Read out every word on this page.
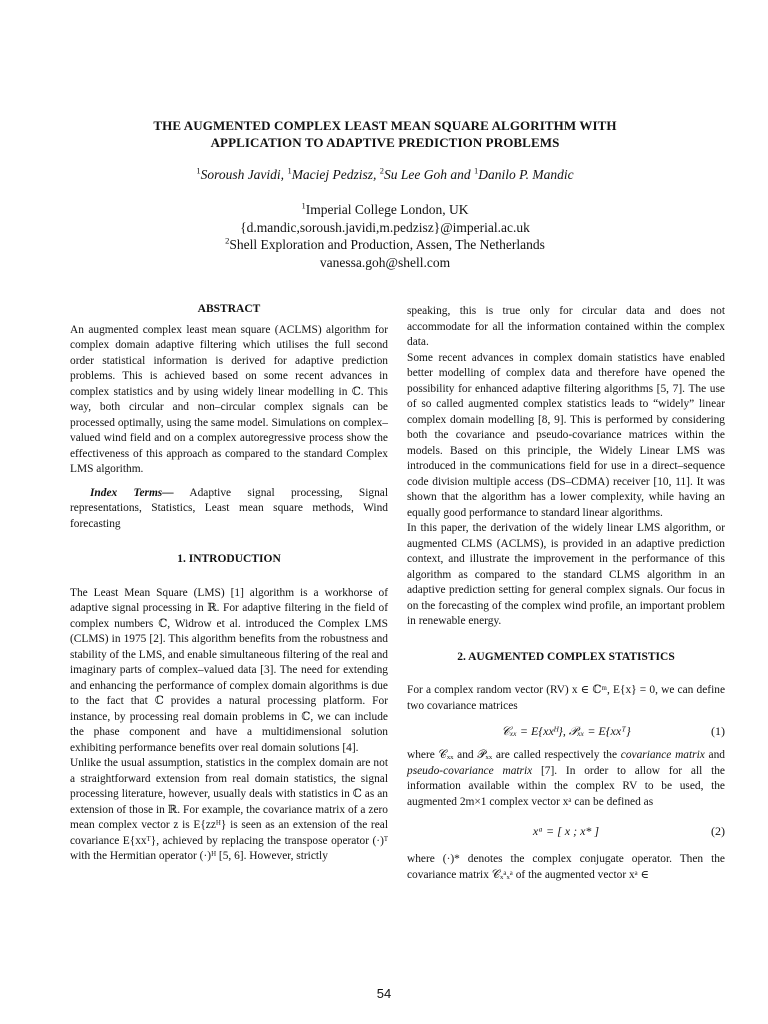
THE AUGMENTED COMPLEX LEAST MEAN SQUARE ALGORITHM WITH
APPLICATION TO ADAPTIVE PREDICTION PROBLEMS
$^1$Soroush Javidi, $^1$Maciej Pedzisz, $^2$Su Lee Goh and $^1$Danilo P. Mandic
$^1$Imperial College London, UK
{d.mandic,soroush.javidi,m.pedzisz}@imperial.ac.uk
$^2$Shell Exploration and Production, Assen, The Netherlands
vanessa.goh@shell.com
ABSTRACT

An augmented complex least mean square (ACLMS) algorithm for complex domain adaptive filtering which utilises the full second order statistical information is derived for adaptive prediction problems. This is achieved based on some recent advances in complex statistics and by using widely linear modelling in ℂ. This way, both circular and non–circular complex signals can be processed optimally, using the same model. Simulations on complex–valued wind field and on a complex autoregressive process show the effectiveness of this approach as compared to the standard Complex LMS algorithm.

Index Terms— Adaptive signal processing, Signal representations, Statistics, Least mean square methods, Wind forecasting

1. INTRODUCTION

The Least Mean Square (LMS) [1] algorithm is a workhorse of adaptive signal processing in ℝ. For adaptive filtering in the field of complex numbers ℂ, Widrow et al. introduced the Complex LMS (CLMS) in 1975 [2]. This algorithm benefits from the robustness and stability of the LMS, and enable simultaneous filtering of the real and imaginary parts of complex–valued data [3]. The need for extending and enhancing the performance of complex domain algorithms is due to the fact that ℂ provides a natural processing platform. For instance, by processing real domain problems in ℂ, we can include the phase component and have a multidimensional solution exhibiting performance benefits over real domain solutions [4].

Unlike the usual assumption, statistics in the complex domain are not a straightforward extension from real domain statistics, the signal processing literature, however, usually deals with statistics in ℂ as an extension of those in ℝ. For example, the covariance matrix of a zero mean complex vector z is E{zzᴴ} is seen as an extension of the real covariance E{xxᵀ}, achieved by replacing the transpose operator (·)ᵀ with the Hermitian operator (·)ᴴ [5, 6]. However, strictly

speaking, this is true only for circular data and does not accommodate for all the information contained within the complex data.

Some recent advances in complex domain statistics have enabled better modelling of complex data and therefore have opened the possibility for enhanced adaptive filtering algorithms [5, 7]. The use of so called augmented complex statistics leads to “widely” linear complex domain modelling [8, 9]. This is performed by considering both the covariance and pseudo-covariance matrices within the models. Based on this principle, the Widely Linear LMS was introduced in the communications field for use in a direct–sequence code division multiple access (DS–CDMA) receiver [10, 11]. It was shown that the algorithm has a lower complexity, while having an equally good performance to standard linear algorithms.

In this paper, the derivation of the widely linear LMS algorithm, or augmented CLMS (ACLMS), is provided in an adaptive prediction context, and illustrate the improvement in the performance of this algorithm as compared to the standard CLMS algorithm in an adaptive prediction setting for general complex signals. Our focus in on the forecasting of the complex wind profile, an important problem in renewable energy.

2. AUGMENTED COMPLEX STATISTICS

For a complex random vector (RV) x ∈ ℂᵐ, E{x} = 0, we can define two covariance matrices

𝒞ₓₓ = E{xxᴴ}, 𝒫ₓₓ = E{xxᵀ}	(1)

where 𝒞ₓₓ and 𝒫ₓₓ are called respectively the covariance matrix and pseudo-covariance matrix [7]. In order to allow for all the information available within the complex RV to be used, the augmented 2m×1 complex vector xᵃ can be defined as

xᵃ = [ x ; x* ]	(2)

where (·)* denotes the complex conjugate operator. Then the covariance matrix 𝒞ₓᵃₓᵃ of the augmented vector xᵃ ∈

54
